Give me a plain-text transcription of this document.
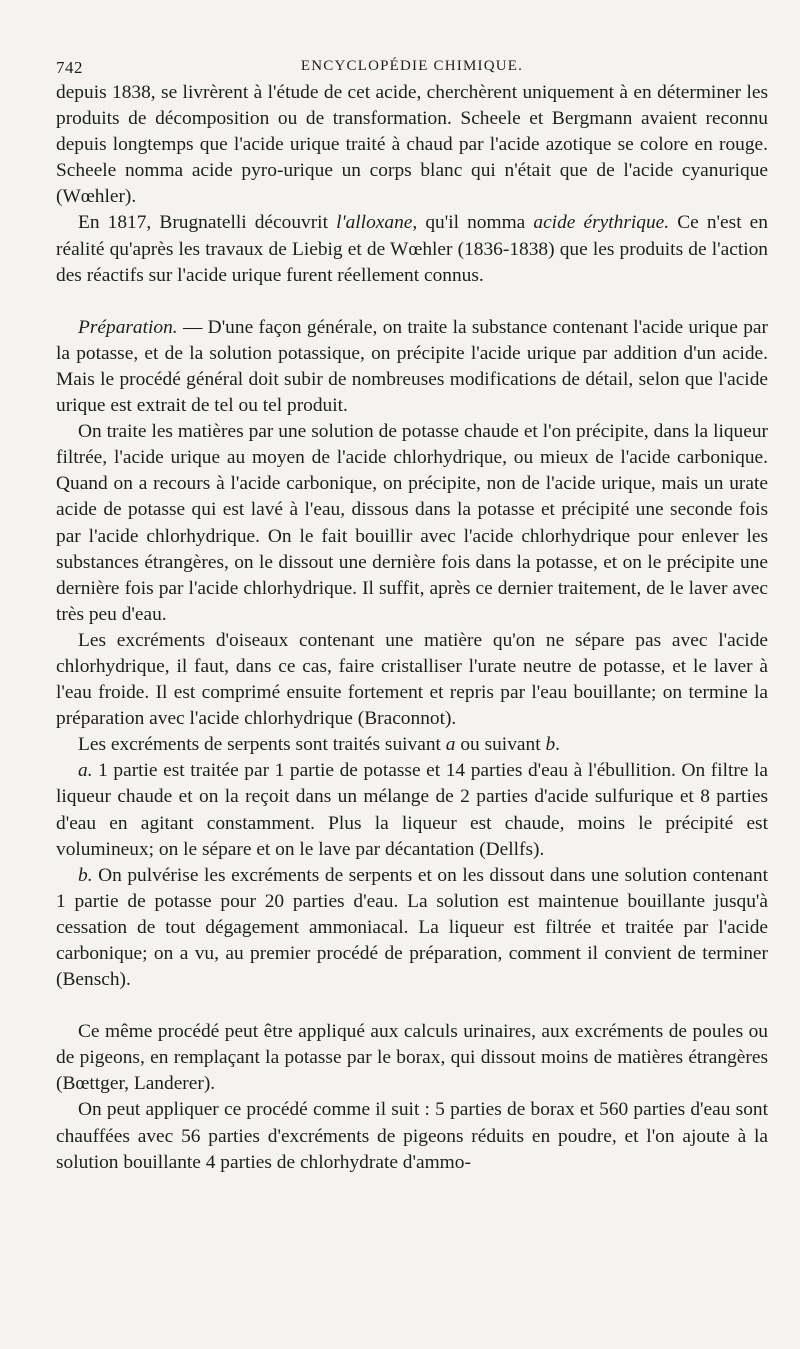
742	ENCYCLOPÉDIE CHIMIQUE.

depuis 1838, se livrèrent à l'étude de cet acide, cherchèrent uniquement à en déterminer les produits de décomposition ou de transformation. Scheele et Bergmann avaient reconnu depuis longtemps que l'acide urique traité à chaud par l'acide azotique se colore en rouge. Scheele nomma acide pyro-urique un corps blanc qui n'était que de l'acide cyanurique (Wœhler).

En 1817, Brugnatelli découvrit l'alloxane, qu'il nomma acide érythrique. Ce n'est en réalité qu'après les travaux de Liebig et de Wœhler (1836-1838) que les produits de l'action des réactifs sur l'acide urique furent réellement connus.

Préparation. — D'une façon générale, on traite la substance contenant l'acide urique par la potasse, et de la solution potassique, on précipite l'acide urique par addition d'un acide. Mais le procédé général doit subir de nombreuses modifications de détail, selon que l'acide urique est extrait de tel ou tel produit.

On traite les matières par une solution de potasse chaude et l'on précipite, dans la liqueur filtrée, l'acide urique au moyen de l'acide chlorhydrique, ou mieux de l'acide carbonique. Quand on a recours à l'acide carbonique, on précipite, non de l'acide urique, mais un urate acide de potasse qui est lavé à l'eau, dissous dans la potasse et précipité une seconde fois par l'acide chlorhydrique. On le fait bouillir avec l'acide chlorhydrique pour enlever les substances étrangères, on le dissout une dernière fois dans la potasse, et on le précipite une dernière fois par l'acide chlorhydrique. Il suffit, après ce dernier traitement, de le laver avec très peu d'eau.

Les excréments d'oiseaux contenant une matière qu'on ne sépare pas avec l'acide chlorhydrique, il faut, dans ce cas, faire cristalliser l'urate neutre de potasse, et le laver à l'eau froide. Il est comprimé ensuite fortement et repris par l'eau bouillante; on termine la préparation avec l'acide chlorhydrique (Braconnot).

Les excréments de serpents sont traités suivant a ou suivant b.

a. 1 partie est traitée par 1 partie de potasse et 14 parties d'eau à l'ébullition. On filtre la liqueur chaude et on la reçoit dans un mélange de 2 parties d'acide sulfurique et 8 parties d'eau en agitant constamment. Plus la liqueur est chaude, moins le précipité est volumineux; on le sépare et on le lave par décantation (Dellfs).

b. On pulvérise les excréments de serpents et on les dissout dans une solution contenant 1 partie de potasse pour 20 parties d'eau. La solution est maintenue bouillante jusqu'à cessation de tout dégagement ammoniacal. La liqueur est filtrée et traitée par l'acide carbonique; on a vu, au premier procédé de préparation, comment il convient de terminer (Bensch).

Ce même procédé peut être appliqué aux calculs urinaires, aux excréments de poules ou de pigeons, en remplaçant la potasse par le borax, qui dissout moins de matières étrangères (Bœttger, Landerer).

On peut appliquer ce procédé comme il suit : 5 parties de borax et 560 parties d'eau sont chauffées avec 56 parties d'excréments de pigeons réduits en poudre, et l'on ajoute à la solution bouillante 4 parties de chlorhydrate d'ammo-
